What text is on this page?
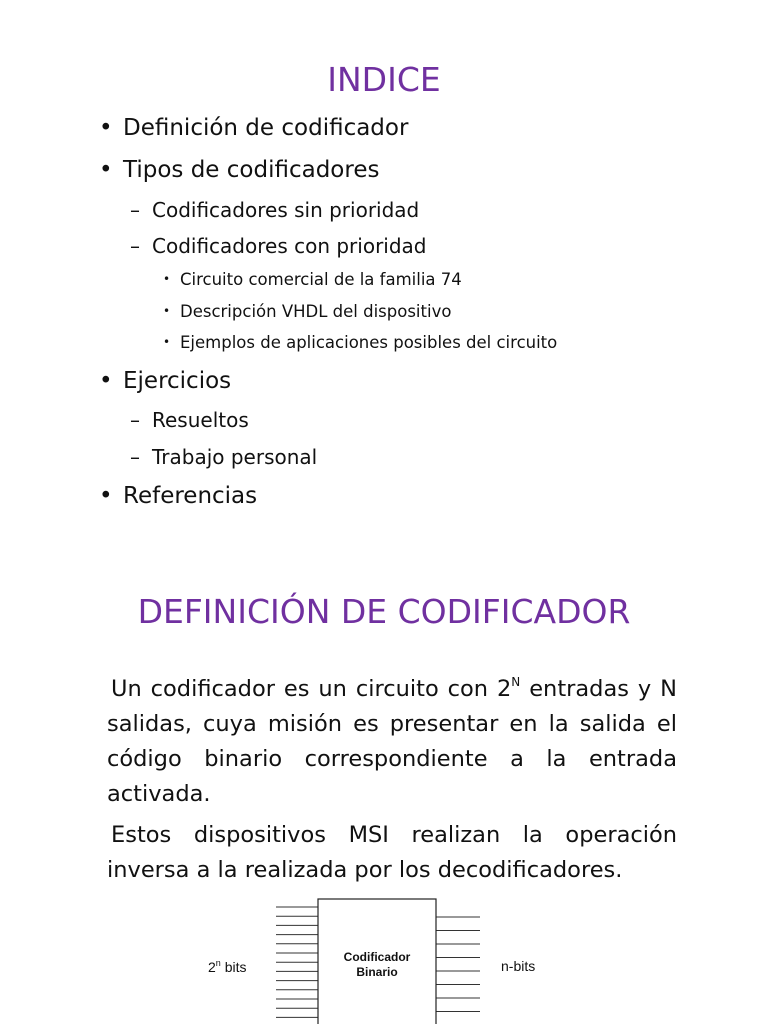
INDICE
• Definición de codificador
• Tipos de codificadores
– Codificadores sin prioridad
– Codificadores con prioridad
• Circuito comercial de la familia 74
• Descripción VHDL del dispositivo
• Ejemplos de aplicaciones posibles del circuito
• Ejercicios
– Resueltos
– Trabajo personal
• Referencias
DEFINICIÓN DE CODIFICADOR

Un codificador es un circuito con $2^N$ entradas y N salidas, cuya misión es presentar en la salida el código binario correspondiente a la entrada activada.

Estos dispositivos MSI realizan la operación inversa a la realizada por los decodificadores.

Codificador
Binario
2$^n$ bits	n-bits
